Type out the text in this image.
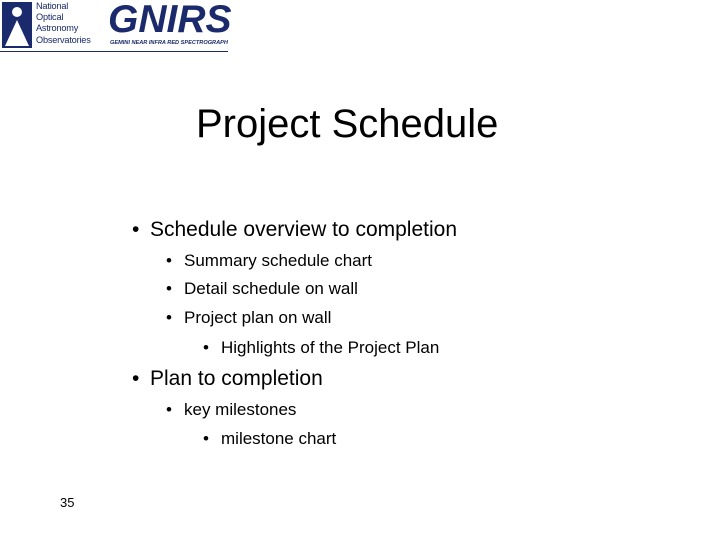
National
Optical
Astronomy
Observatories GNIRS
GEMINI NEAR INFRA RED SPECTROGRAPH
Project Schedule
• Schedule overview to completion
• Summary schedule chart
• Detail schedule on wall
• Project plan on wall
• Highlights of the Project Plan
• Plan to completion
• key milestones
• milestone chart
35
